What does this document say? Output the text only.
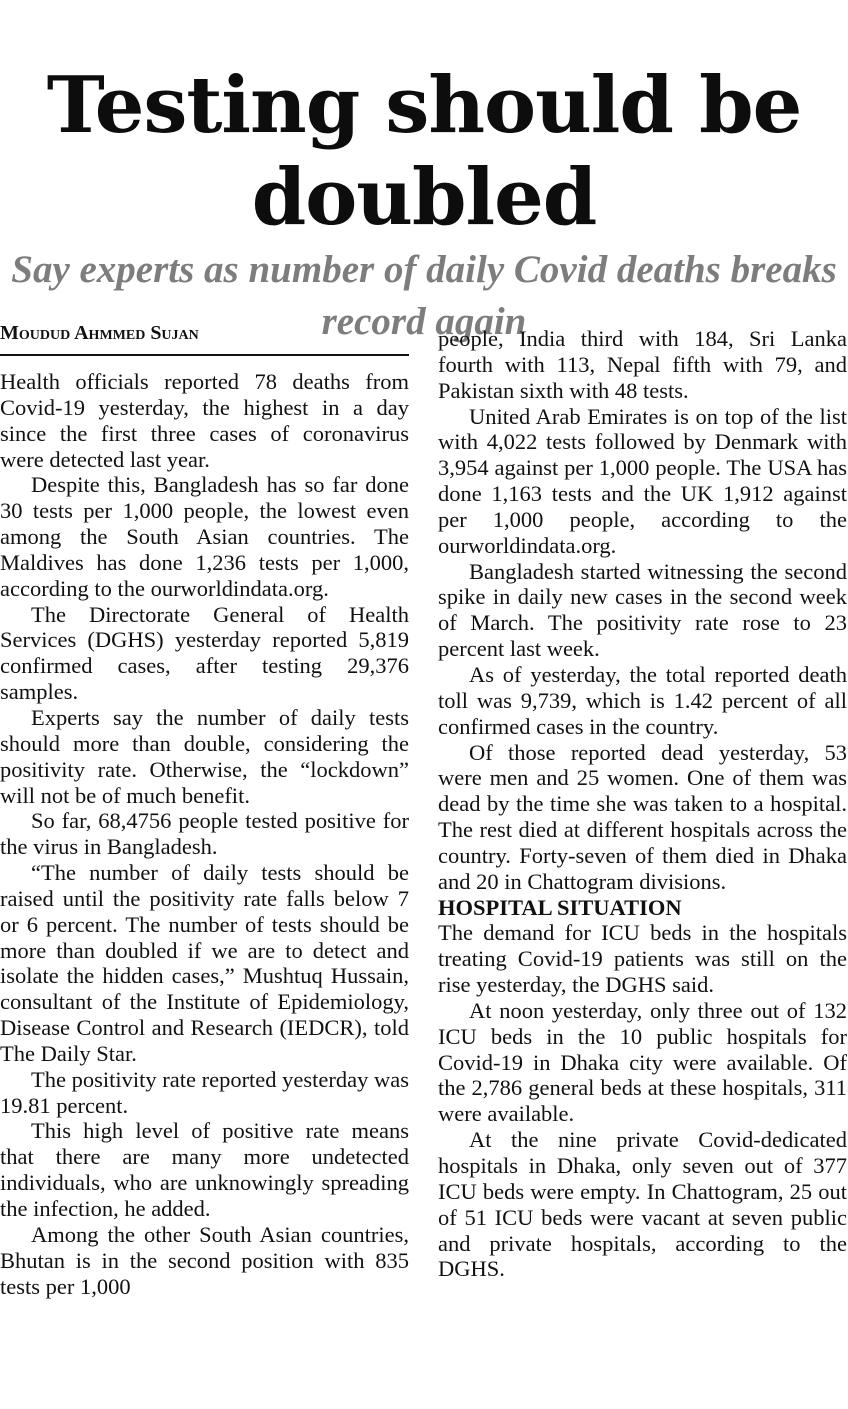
Testing should be doubled
Say experts as number of daily Covid deaths breaks record again
Moudud Ahmmed Sujan

Health officials reported 78 deaths from Covid-19 yesterday, the highest in a day since the first three cases of coronavirus were detected last year.

Despite this, Bangladesh has so far done 30 tests per 1,000 people, the lowest even among the South Asian countries. The Maldives has done 1,236 tests per 1,000, according to the ourworldindata.org.

The Directorate General of Health Services (DGHS) yesterday reported 5,819 confirmed cases, after testing 29,376 samples.

Experts say the number of daily tests should more than double, considering the positivity rate. Otherwise, the “lockdown” will not be of much benefit.

So far, 68,4756 people tested positive for the virus in Bangladesh.

“The number of daily tests should be raised until the positivity rate falls below 7 or 6 percent. The number of tests should be more than doubled if we are to detect and isolate the hidden cases,” Mushtuq Hussain, consultant of the Institute of Epidemiology, Disease Control and Research (IEDCR), told The Daily Star.

The positivity rate reported yesterday was 19.81 percent.

This high level of positive rate means that there are many more undetected individuals, who are unknowingly spreading the infection, he added.

Among the other South Asian countries, Bhutan is in the second position with 835 tests per 1,000

people, India third with 184, Sri Lanka fourth with 113, Nepal fifth with 79, and Pakistan sixth with 48 tests.

United Arab Emirates is on top of the list with 4,022 tests followed by Denmark with 3,954 against per 1,000 people. The USA has done 1,163 tests and the UK 1,912 against per 1,000 people, according to the ourworldindata.org.

Bangladesh started witnessing the second spike in daily new cases in the second week of March. The positivity rate rose to 23 percent last week.

As of yesterday, the total reported death toll was 9,739, which is 1.42 percent of all confirmed cases in the country.

Of those reported dead yesterday, 53 were men and 25 women. One of them was dead by the time she was taken to a hospital. The rest died at different hospitals across the country. Forty-seven of them died in Dhaka and 20 in Chattogram divisions.

HOSPITAL SITUATION

The demand for ICU beds in the hospitals treating Covid-19 patients was still on the rise yesterday, the DGHS said.

At noon yesterday, only three out of 132 ICU beds in the 10 public hospitals for Covid-19 in Dhaka city were available. Of the 2,786 general beds at these hospitals, 311 were available.

At the nine private Covid-dedicated hospitals in Dhaka, only seven out of 377 ICU beds were empty. In Chattogram, 25 out of 51 ICU beds were vacant at seven public and private hospitals, according to the DGHS.
